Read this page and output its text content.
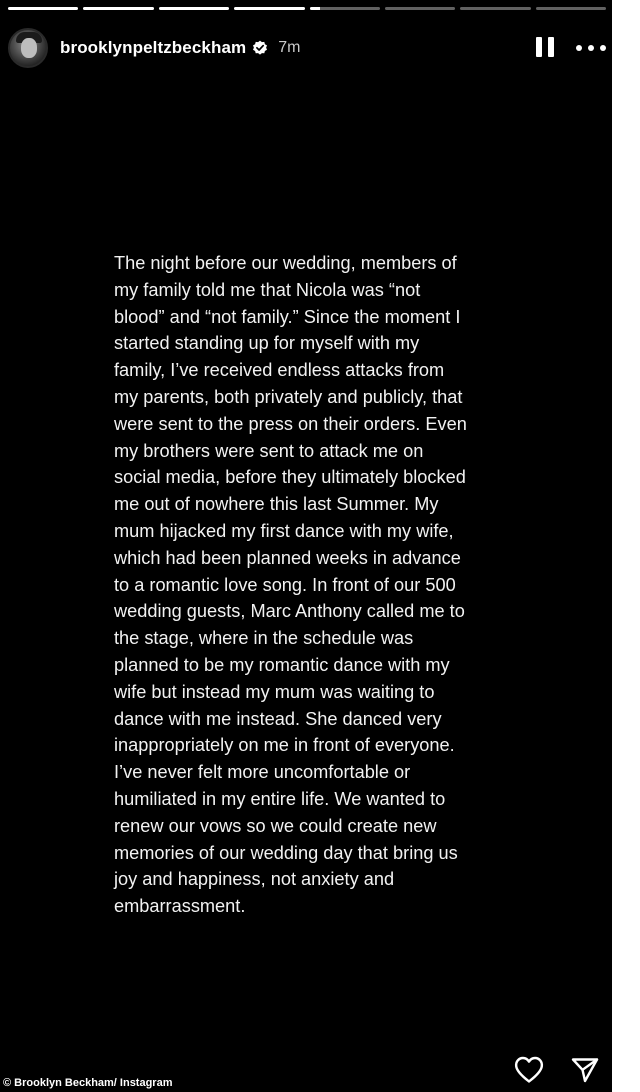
brooklynpeltzbeckham 7m

The night before our wedding, members of
my family told me that Nicola was “not
blood” and “not family.” Since the moment I
started standing up for myself with my
family, I’ve received endless attacks from
my parents, both privately and publicly, that
were sent to the press on their orders. Even
my brothers were sent to attack me on
social media, before they ultimately blocked
me out of nowhere this last Summer. My
mum hijacked my first dance with my wife,
which had been planned weeks in advance
to a romantic love song. In front of our 500
wedding guests, Marc Anthony called me to
the stage, where in the schedule was
planned to be my romantic dance with my
wife but instead my mum was waiting to
dance with me instead. She danced very
inappropriately on me in front of everyone.
I’ve never felt more uncomfortable or
humiliated in my entire life. We wanted to
renew our vows so we could create new
memories of our wedding day that bring us
joy and happiness, not anxiety and
embarrassment.

© Brooklyn Beckham/ Instagram
